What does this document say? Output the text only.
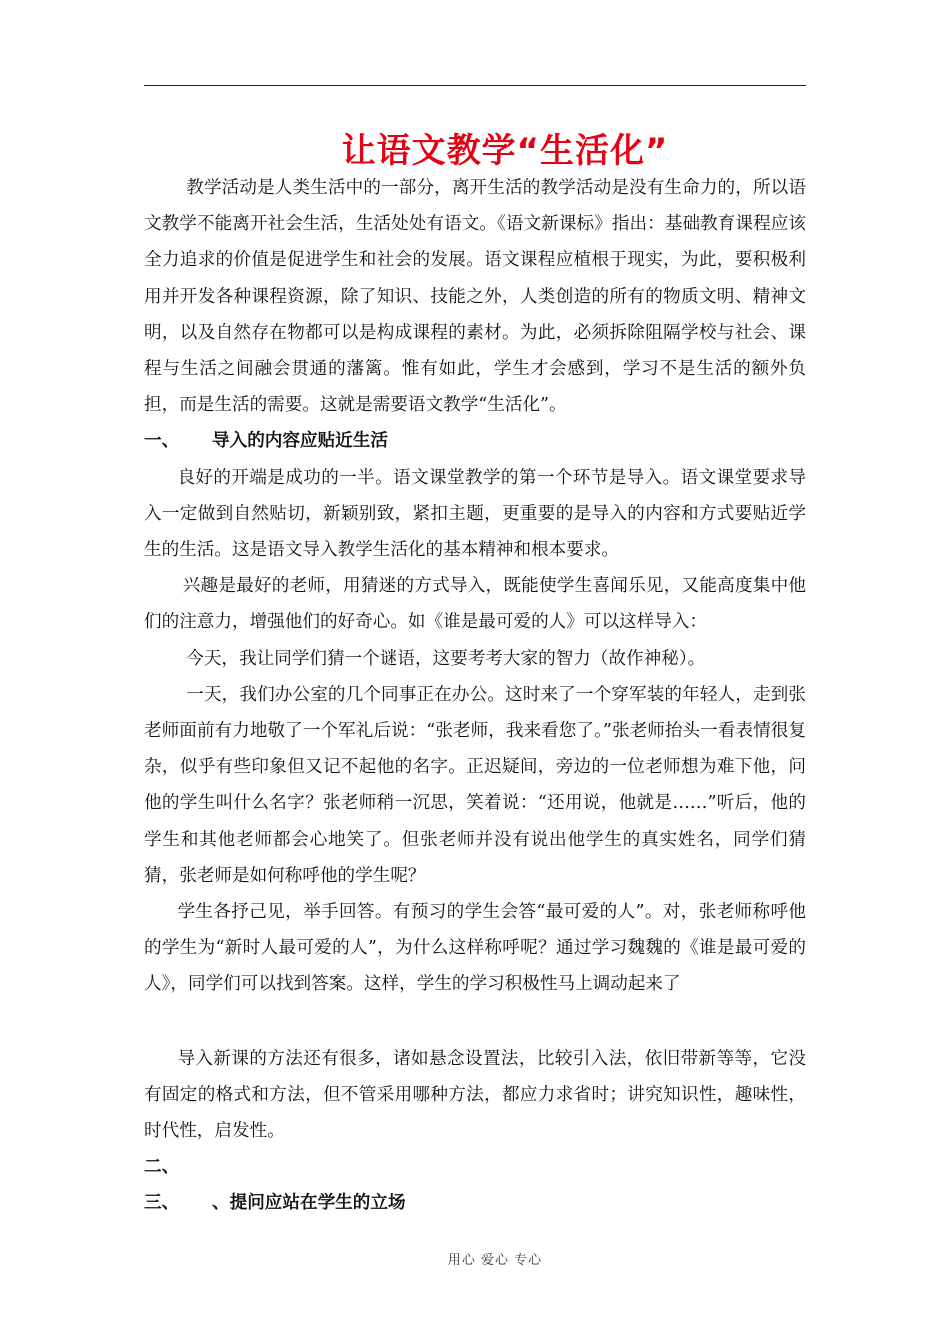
让语文教学“生活化”

教学活动是人类生活中的一部分，离开生活的教学活动是没有生命力的，所以语文教学不能离开社会生活，生活处处有语文。《语文新课标》指出：基础教育课程应该全力追求的价值是促进学生和社会的发展。语文课程应植根于现实，为此，要积极利用并开发各种课程资源，除了知识、技能之外，人类创造的所有的物质文明、精神文明，以及自然存在物都可以是构成课程的素材。为此，必须拆除阻隔学校与社会、课程与生活之间融会贯通的藩篱。惟有如此，学生才会感到，学习不是生活的额外负担，而是生活的需要。这就是需要语文教学“生活化”。

一、 导入的内容应贴近生活

良好的开端是成功的一半。语文课堂教学的第一个环节是导入。语文课堂要求导入一定做到自然贴切，新颖别致，紧扣主题，更重要的是导入的内容和方式要贴近学生的生活。这是语文导入教学生活化的基本精神和根本要求。

兴趣是最好的老师，用猜迷的方式导入，既能使学生喜闻乐见，又能高度集中他们的注意力，增强他们的好奇心。如《谁是最可爱的人》可以这样导入：

今天，我让同学们猜一个谜语，这要考考大家的智力（故作神秘）。

一天，我们办公室的几个同事正在办公。这时来了一个穿军装的年轻人，走到张老师面前有力地敬了一个军礼后说：“张老师，我来看您了。”张老师抬头一看表情很复杂，似乎有些印象但又记不起他的名字。正迟疑间，旁边的一位老师想为难下他，问他的学生叫什么名字？张老师稍一沉思，笑着说：“还用说，他就是……”听后，他的学生和其他老师都会心地笑了。但张老师并没有说出他学生的真实姓名，同学们猜猜，张老师是如何称呼他的学生呢？

学生各抒己见，举手回答。有预习的学生会答“最可爱的人”。对，张老师称呼他的学生为“新时人最可爱的人”，为什么这样称呼呢？通过学习魏魏的《谁是最可爱的人》，同学们可以找到答案。这样，学生的学习积极性马上调动起来了

导入新课的方法还有很多，诸如悬念设置法，比较引入法，依旧带新等等，它没有固定的格式和方法，但不管采用哪种方法，都应力求省时；讲究知识性，趣味性，时代性，启发性。

二、
三、 、提问应站在学生的立场
用心 爱心 专心
